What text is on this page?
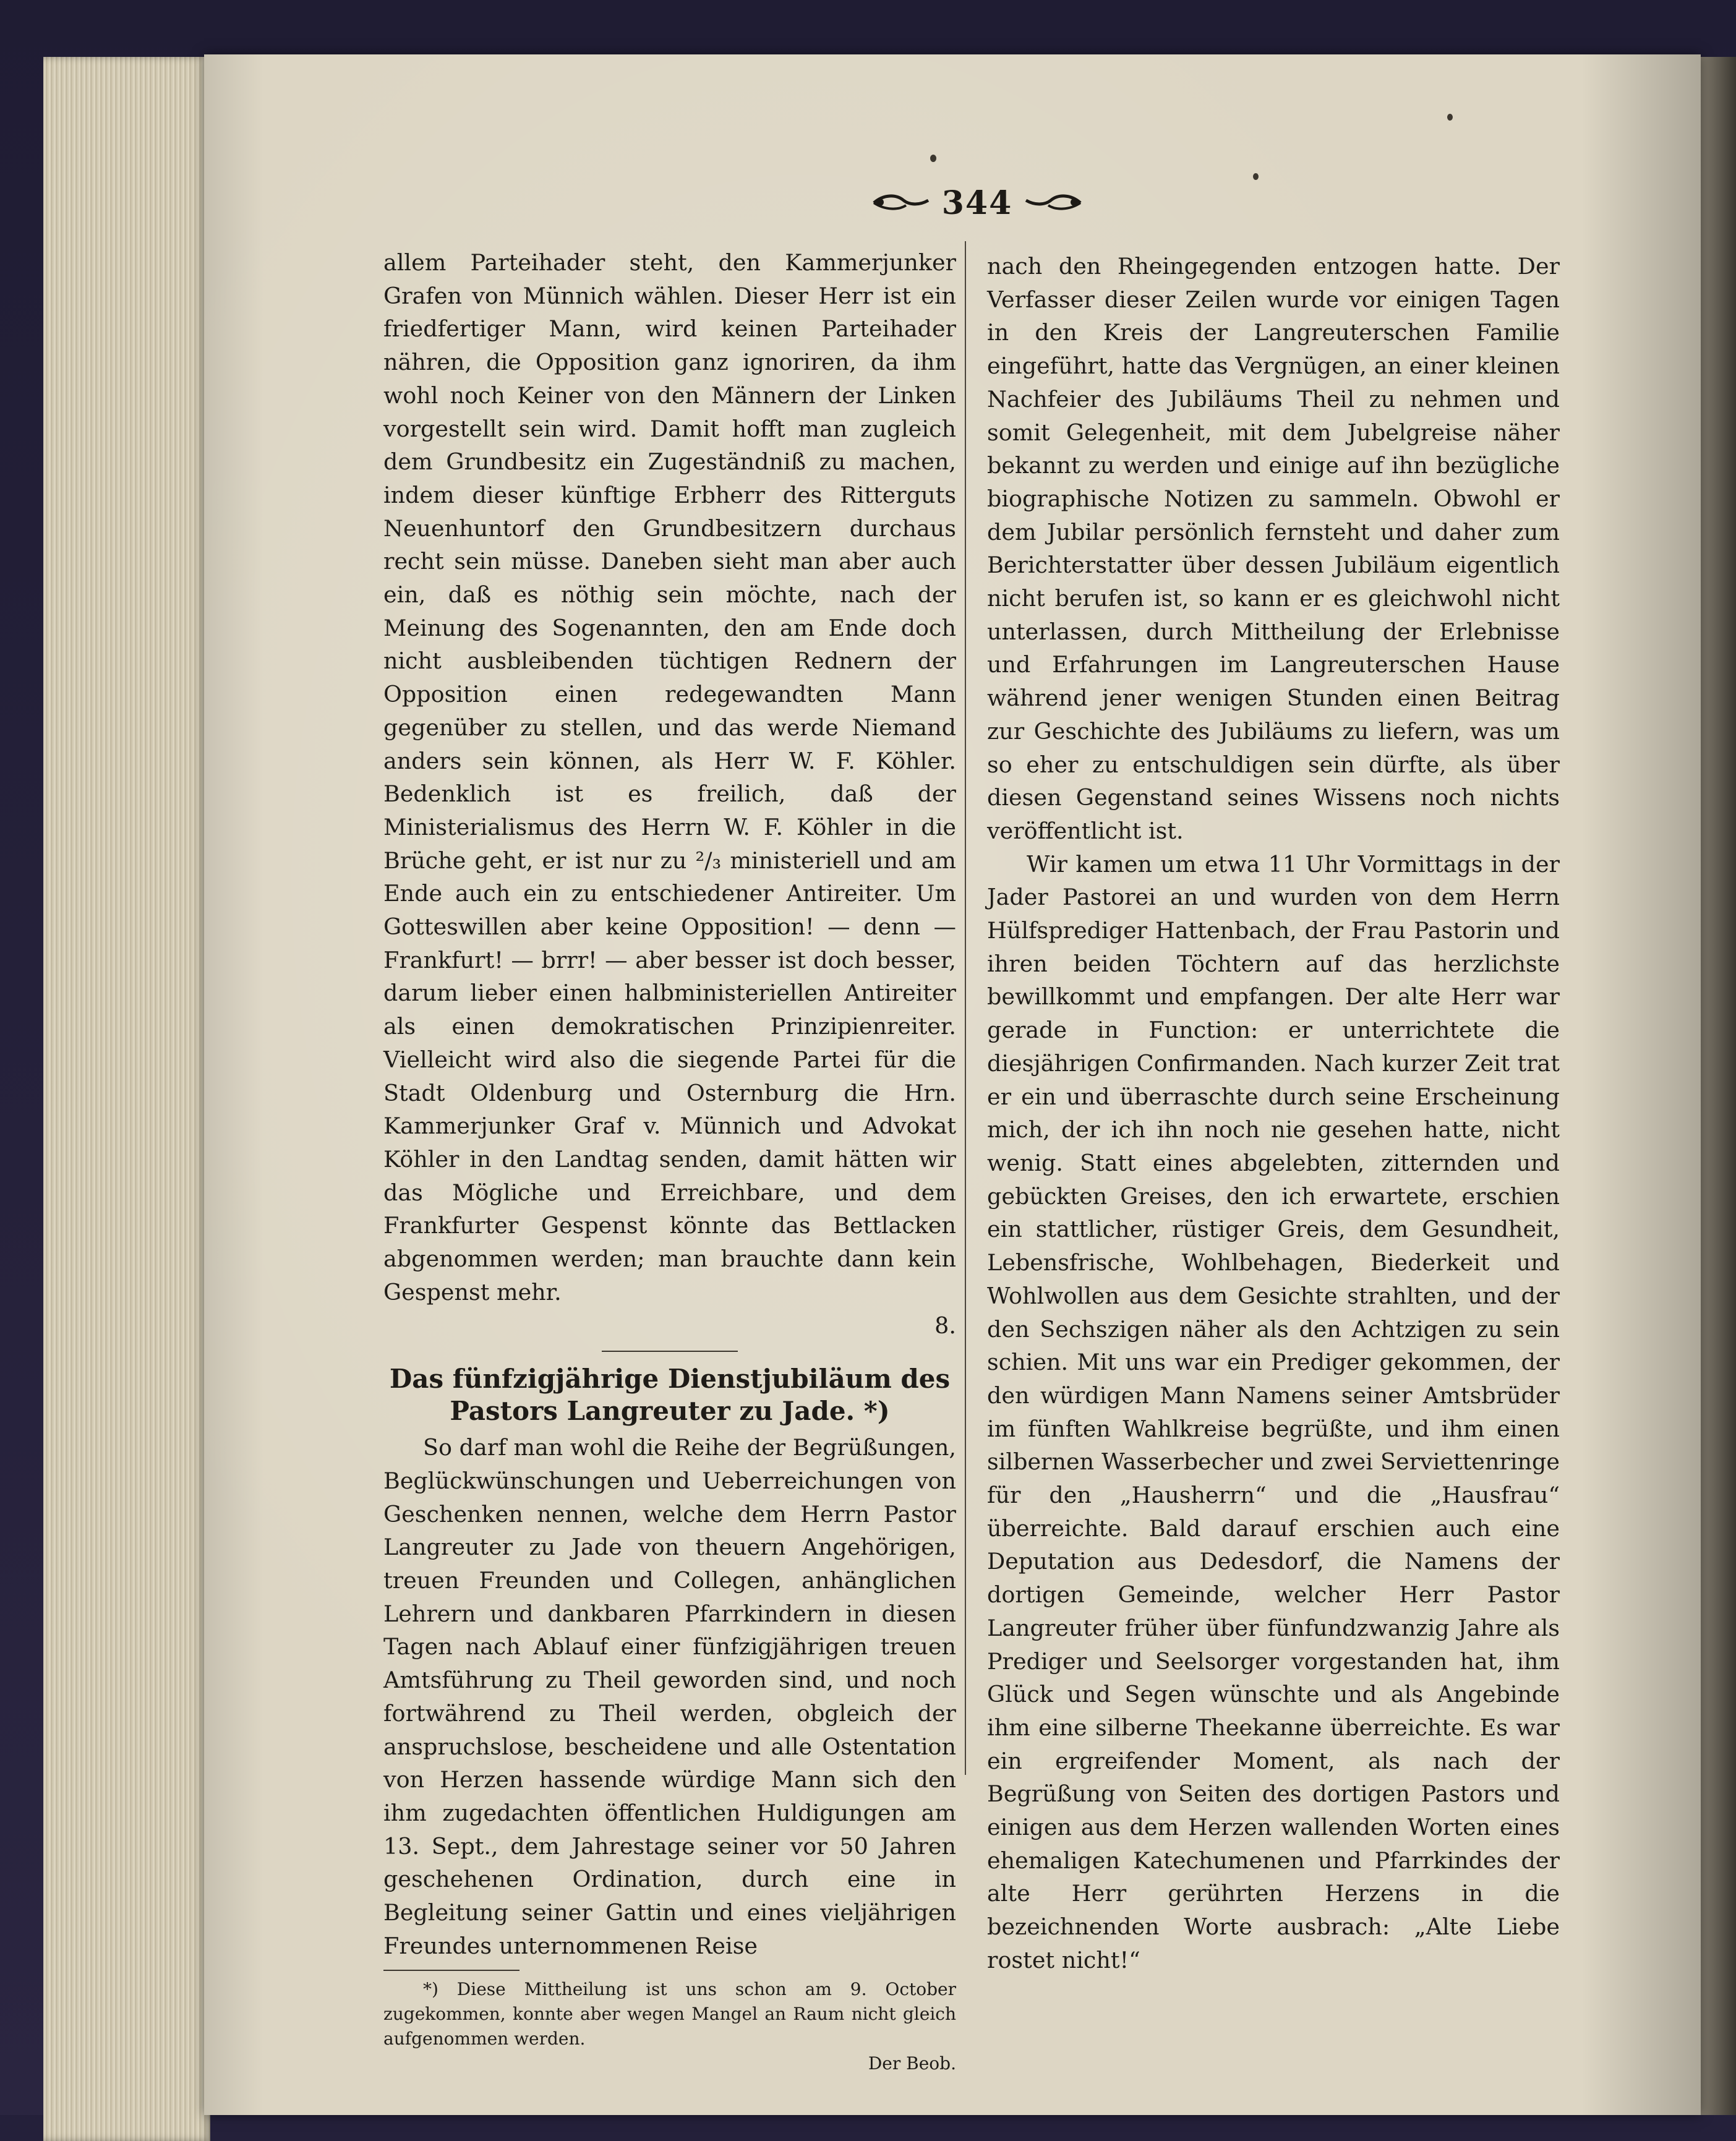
344

allem Parteihader steht, den Kammerjunker Grafen von Münnich wählen. Dieser Herr ist ein friedfertiger Mann, wird keinen Parteihader nähren, die Opposition ganz ignoriren, da ihm wohl noch Keiner von den Männern der Linken vorgestellt sein wird. Damit hofft man zugleich dem Grundbesitz ein Zugeständniß zu machen, indem dieser künftige Erbherr des Ritterguts Neuenhuntorf den Grundbesitzern durchaus recht sein müsse. Daneben sieht man aber auch ein, daß es nöthig sein möchte, nach der Meinung des Sogenannten, den am Ende doch nicht ausbleibenden tüchtigen Rednern der Opposition einen redegewandten Mann gegenüber zu stellen, und das werde Niemand anders sein können, als Herr W. F. Köhler. Bedenklich ist es freilich, daß der Ministerialismus des Herrn W. F. Köhler in die Brüche geht, er ist nur zu ²/₃ ministeriell und am Ende auch ein zu entschiedener Antireiter. Um Gotteswillen aber keine Opposition! — denn — Frankfurt! — brrr! — aber besser ist doch besser, darum lieber einen halbministeriellen Antireiter als einen demokratischen Prinzipienreiter. Vielleicht wird also die siegende Partei für die Stadt Oldenburg und Osternburg die Hrn. Kammerjunker Graf v. Münnich und Advokat Köhler in den Landtag senden, damit hätten wir das Mögliche und Erreichbare, und dem Frankfurter Gespenst könnte das Bettlacken abgenommen werden; man brauchte dann kein Gespenst mehr.

8.

Das fünfzigjährige Dienstjubiläum des
Pastors Langreuter zu Jade. *)

So darf man wohl die Reihe der Begrüßungen, Beglückwünschungen und Ueberreichungen von Geschenken nennen, welche dem Herrn Pastor Langreuter zu Jade von theuern Angehörigen, treuen Freunden und Collegen, anhänglichen Lehrern und dankbaren Pfarrkindern in diesen Tagen nach Ablauf einer fünfzigjährigen treuen Amtsführung zu Theil geworden sind, und noch fortwährend zu Theil werden, obgleich der anspruchslose, bescheidene und alle Ostentation von Herzen hassende würdige Mann sich den ihm zugedachten öffentlichen Huldigungen am 13. Sept., dem Jahrestage seiner vor 50 Jahren geschehenen Ordination, durch eine in Begleitung seiner Gattin und eines vieljährigen Freundes unternommenen Reise

*) Diese Mittheilung ist uns schon am 9. October zugekommen, konnte aber wegen Mangel an Raum nicht gleich aufgenommen werden.

Der Beob.

nach den Rheingegenden entzogen hatte. Der Verfasser dieser Zeilen wurde vor einigen Tagen in den Kreis der Langreuterschen Familie eingeführt, hatte das Vergnügen, an einer kleinen Nachfeier des Jubiläums Theil zu nehmen und somit Gelegenheit, mit dem Jubelgreise näher bekannt zu werden und einige auf ihn bezügliche biographische Notizen zu sammeln. Obwohl er dem Jubilar persönlich fernsteht und daher zum Berichterstatter über dessen Jubiläum eigentlich nicht berufen ist, so kann er es gleichwohl nicht unterlassen, durch Mittheilung der Erlebnisse und Erfahrungen im Langreuterschen Hause während jener wenigen Stunden einen Beitrag zur Geschichte des Jubiläums zu liefern, was um so eher zu entschuldigen sein dürfte, als über diesen Gegenstand seines Wissens noch nichts veröffentlicht ist.

Wir kamen um etwa 11 Uhr Vormittags in der Jader Pastorei an und wurden von dem Herrn Hülfsprediger Hattenbach, der Frau Pastorin und ihren beiden Töchtern auf das herzlichste bewillkommt und empfangen. Der alte Herr war gerade in Function: er unterrichtete die diesjährigen Confirmanden. Nach kurzer Zeit trat er ein und überraschte durch seine Erscheinung mich, der ich ihn noch nie gesehen hatte, nicht wenig. Statt eines abgelebten, zitternden und gebückten Greises, den ich erwartete, erschien ein stattlicher, rüstiger Greis, dem Gesundheit, Lebensfrische, Wohlbehagen, Biederkeit und Wohlwollen aus dem Gesichte strahlten, und der den Sechszigen näher als den Achtzigen zu sein schien. Mit uns war ein Prediger gekommen, der den würdigen Mann Namens seiner Amtsbrüder im fünften Wahlkreise begrüßte, und ihm einen silbernen Wasserbecher und zwei Serviettenringe für den „Hausherrn“ und die „Hausfrau“ überreichte. Bald darauf erschien auch eine Deputation aus Dedesdorf, die Namens der dortigen Gemeinde, welcher Herr Pastor Langreuter früher über fünfundzwanzig Jahre als Prediger und Seelsorger vorgestanden hat, ihm Glück und Segen wünschte und als Angebinde ihm eine silberne Theekanne überreichte. Es war ein ergreifender Moment, als nach der Begrüßung von Seiten des dortigen Pastors und einigen aus dem Herzen wallenden Worten eines ehemaligen Katechumenen und Pfarrkindes der alte Herr gerührten Herzens in die bezeichnenden Worte ausbrach: „Alte Liebe rostet nicht!“
